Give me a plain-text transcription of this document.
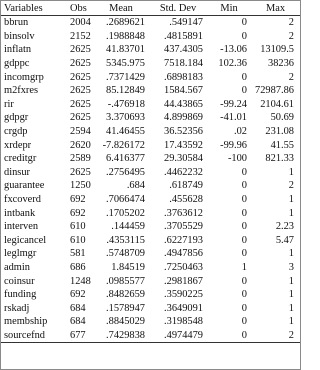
Variables	Obs	Mean	Std. Dev	Min	Max
bbrun	2004	.2689621	.549147	0	2
binsolv	2152	.1988848	.4815891	0	2
inflatn	2625	41.83701	437.4305	-13.06	13109.5
gdppc	2625	5345.975	7518.184	102.36	38236
incomgrp	2625	.7371429	.6898183	0	2
m2fxres	2625	85.12849	1584.567	0	72987.86
rir	2625	-.476918	44.43865	-99.24	2104.61
gdpgr	2625	3.370693	4.899869	-41.01	50.69
crgdp	2594	41.46455	36.52356	.02	231.08
xrdepr	2620	-7.826172	17.43592	-99.96	41.55
creditgr	2589	6.416377	29.30584	-100	821.33
dinsur	2625	.2756495	.4462232	0	1
guarantee	1250	.684	.618749	0	2
fxcoverd	692	.7066474	.455628	0	1
intbank	692	.1705202	.3763612	0	1
interven	610	.144459	.3705529	0	2.23
legicancel	610	.4353115	.6227193	0	5.47
leglmgr	581	.5748709	.4947856	0	1
admin	686	1.84519	.7250463	1	3
coinsur	1248	.0985577	.2981867	0	1
funding	692	.8482659	.3590225	0	1
rskadj	684	.1578947	.3649091	0	1
membship	684	.8845029	.3198548	0	1
sourcefnd	677	.7429838	.4974479	0	2
